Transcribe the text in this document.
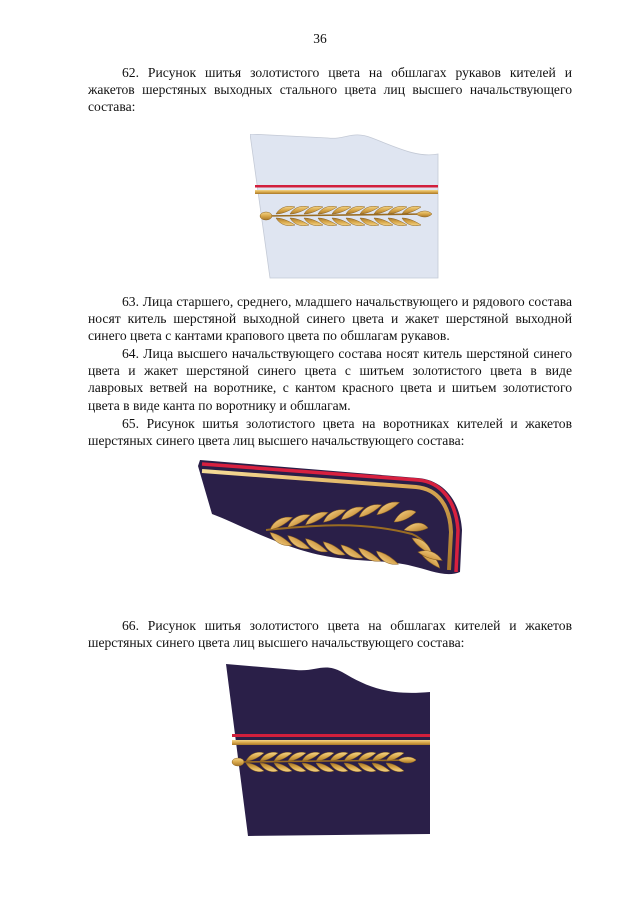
36

62. Рисунок шитья золотистого цвета на обшлагах рукавов кителей и жакетов шерстяных выходных стального цвета лиц высшего начальствующего состава:

63. Лица старшего, среднего, младшего начальствующего и рядового состава носят китель шерстяной выходной синего цвета и жакет шерстяной выходной синего цвета с кантами крапового цвета по обшлагам рукавов.

64. Лица высшего начальствующего состава носят китель шерстяной синего цвета и жакет шерстяной синего цвета с шитьем золотистого цвета в виде лавровых ветвей на воротнике, с кантом красного цвета и шитьем золотистого цвета в виде канта по воротнику и обшлагам.

65. Рисунок шитья золотистого цвета на воротниках кителей и жакетов шерстяных синего цвета лиц высшего начальствующего состава:

66. Рисунок шитья золотистого цвета на обшлагах кителей и жакетов шерстяных синего цвета лиц высшего начальствующего состава:
